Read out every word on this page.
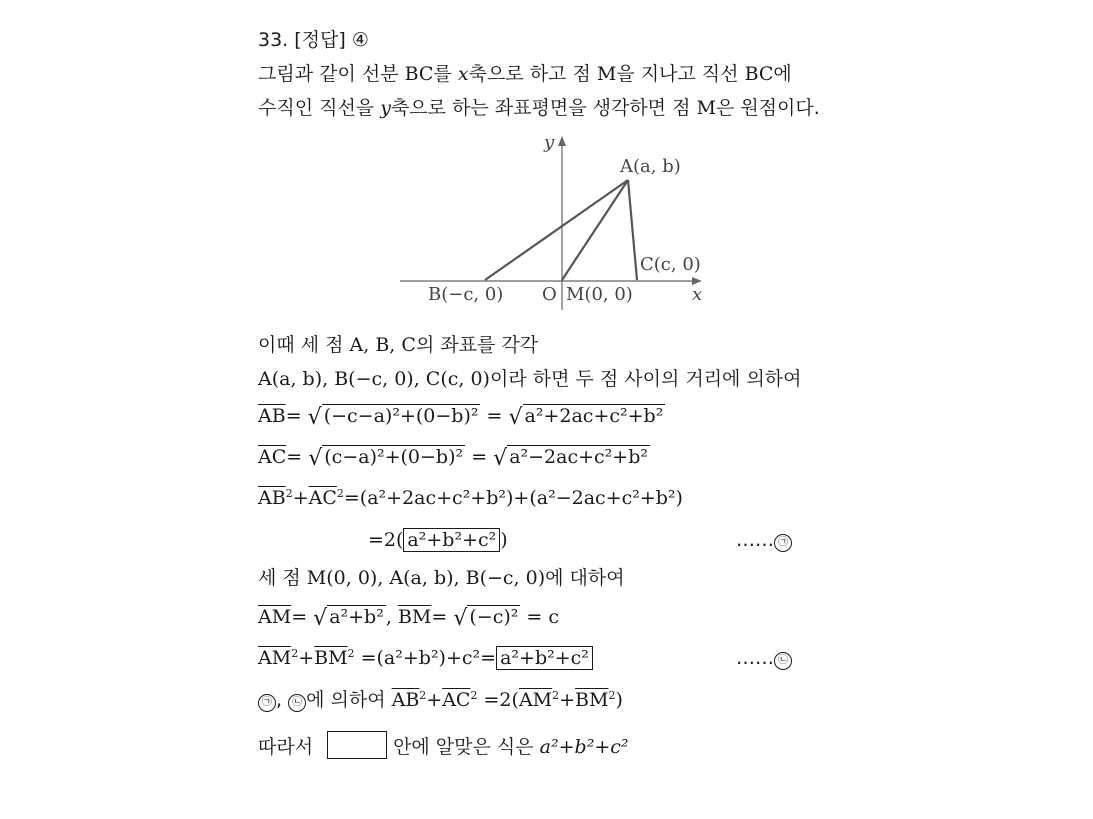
33. [정답] ④
그림과 같이 선분 BC를 x축으로 하고 점 M을 지나고 직선 BC에
수직인 직선을 y축으로 하는 좌표평면을 생각하면 점 M은 원점이다.
y
A(a, b)
C(c, 0)
B(−c, 0) O M(0, 0)	x
이때 세 점 A, B, C의 좌표를 각각
A(a, b), B(−c, 0), C(c, 0)이라 하면 두 점 사이의 거리에 의하여
$\overline{AB}=$ √ (−c−a)²+(0−b)² = √ a²+2ac+c²+b²
$\overline{AC}=$ √ (c−a)²+(0−b)² = √ a²−2ac+c²+b²
$\overline{AB}^2+\overline{AC}^2=(a^2+2ac+c^2+b^2)+(a^2-2ac+c^2+b^2)$
=2( a²+b²+c² )	…… ㉠
세 점 M(0, 0), A(a, b), B(−c, 0)에 대하여
$\overline{AM}=$ √ a²+b² , $\overline{BM}=$ √ (−c)² = c
$\overline{AM}^2+\overline{BM}^2 =(a^2+b^2)+c^2= a^2+b^2+c^2$	…… ㉡
㉠ , ㉡ 에 의하여 $\overline{AB}^2+\overline{AC}^2 =2(\overline{AM}^2+\overline{BM}^2)$
따라서	안에 알맞은 식은 a²+b²+c²
